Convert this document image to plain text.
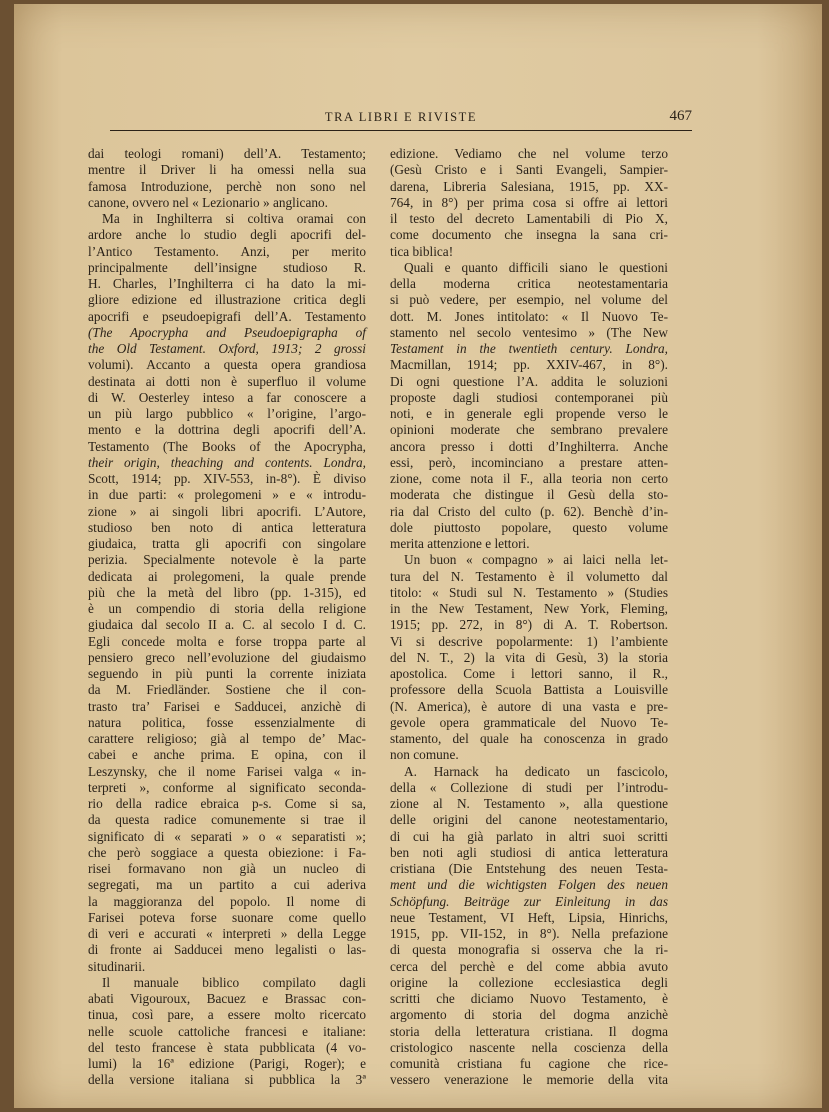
TRA LIBRI E RIVISTE	467
dai teologi romani) dell’A. Testamento;
mentre il Driver li ha omessi nella sua
famosa Introduzione, perchè non sono nel
canone, ovvero nel « Lezionario » anglicano.
Ma in Inghilterra si coltiva oramai con
ardore anche lo studio degli apocrifi del-
l’Antico Testamento. Anzi, per merito
principalmente dell’insigne studioso R.
H. Charles, l’Inghilterra ci ha dato la mi-
gliore edizione ed illustrazione critica degli
apocrifi e pseudoepigrafi dell’A. Testamento
(The Apocrypha and Pseudoepigrapha of
the Old Testament. Oxford, 1913; 2 grossi
volumi). Accanto a questa opera grandiosa
destinata ai dotti non è superfluo il volume
di W. Oesterley inteso a far conoscere a
un più largo pubblico « l’origine, l’argo-
mento e la dottrina degli apocrifi dell’A.
Testamento (The Books of the Apocrypha,
their origin, theaching and contents. Londra,
Scott, 1914; pp. XIV-553, in-8°). È diviso
in due parti: « prolegomeni » e « introdu-
zione » ai singoli libri apocrifi. L’Autore,
studioso ben noto di antica letteratura
giudaica, tratta gli apocrifi con singolare
perizia. Specialmente notevole è la parte
dedicata ai prolegomeni, la quale prende
più che la metà del libro (pp. 1-315), ed
è un compendio di storia della religione
giudaica dal secolo II a. C. al secolo I d. C.
Egli concede molta e forse troppa parte al
pensiero greco nell’evoluzione del giudaismo
seguendo in più punti la corrente iniziata
da M. Friedländer. Sostiene che il con-
trasto tra’ Farisei e Sadducei, anzichè di
natura politica, fosse essenzialmente di
carattere religioso; già al tempo de’ Mac-
cabei e anche prima. E opina, con il
Leszynsky, che il nome Farisei valga « in-
terpreti », conforme al significato seconda-
rio della radice ebraica p-s. Come si sa,
da questa radice comunemente si trae il
significato di « separati » o « separatisti »;
che però soggiace a questa obiezione: i Fa-
risei formavano non già un nucleo di
segregati, ma un partito a cui aderiva
la maggioranza del popolo. Il nome di
Farisei poteva forse suonare come quello
di veri e accurati « interpreti » della Legge
di fronte ai Sadducei meno legalisti o las-
situdinarii.
Il manuale biblico compilato dagli
abati Vigouroux, Bacuez e Brassac con-
tinua, così pare, a essere molto ricercato
nelle scuole cattoliche francesi e italiane:
del testo francese è stata pubblicata (4 vo-
lumi) la 16ª edizione (Parigi, Roger); e
della versione italiana si pubblica la 3ª
edizione. Vediamo che nel volume terzo
(Gesù Cristo e i Santi Evangeli, Sampier-
darena, Libreria Salesiana, 1915, pp. XX-
764, in 8°) per prima cosa si offre ai lettori
il testo del decreto Lamentabili di Pio X,
come documento che insegna la sana cri-
tica biblica!
Quali e quanto difficili siano le questioni
della moderna critica neotestamentaria
si può vedere, per esempio, nel volume del
dott. M. Jones intitolato: « Il Nuovo Te-
stamento nel secolo ventesimo » (The New
Testament in the twentieth century. Londra,
Macmillan, 1914; pp. XXIV-467, in 8°).
Di ogni questione l’A. addita le soluzioni
proposte dagli studiosi contemporanei più
noti, e in generale egli propende verso le
opinioni moderate che sembrano prevalere
ancora presso i dotti d’Inghilterra. Anche
essi, però, incominciano a prestare atten-
zione, come nota il F., alla teoria non certo
moderata che distingue il Gesù della sto-
ria dal Cristo del culto (p. 62). Benchè d’in-
dole piuttosto popolare, questo volume
merita attenzione e lettori.
Un buon « compagno » ai laici nella let-
tura del N. Testamento è il volumetto dal
titolo: « Studi sul N. Testamento » (Studies
in the New Testament, New York, Fleming,
1915; pp. 272, in 8°) di A. T. Robertson.
Vi si descrive popolarmente: 1) l’ambiente
del N. T., 2) la vita di Gesù, 3) la storia
apostolica. Come i lettori sanno, il R.,
professore della Scuola Battista a Louisville
(N. America), è autore di una vasta e pre-
gevole opera grammaticale del Nuovo Te-
stamento, del quale ha conoscenza in grado
non comune.
A. Harnack ha dedicato un fascicolo,
della « Collezione di studi per l’introdu-
zione al N. Testamento », alla questione
delle origini del canone neotestamentario,
di cui ha già parlato in altri suoi scritti
ben noti agli studiosi di antica letteratura
cristiana (Die Entstehung des neuen Testa-
ment und die wichtigsten Folgen des neuen
Schöpfung. Beiträge zur Einleitung in das
neue Testament, VI Heft, Lipsia, Hinrichs,
1915, pp. VII-152, in 8°). Nella prefazione
di questa monografia si osserva che la ri-
cerca del perchè e del come abbia avuto
origine la collezione ecclesiastica degli
scritti che diciamo Nuovo Testamento, è
argomento di storia del dogma anzichè
storia della letteratura cristiana. Il dogma
cristologico nascente nella coscienza della
comunità cristiana fu cagione che rice-
vessero venerazione le memorie della vita
